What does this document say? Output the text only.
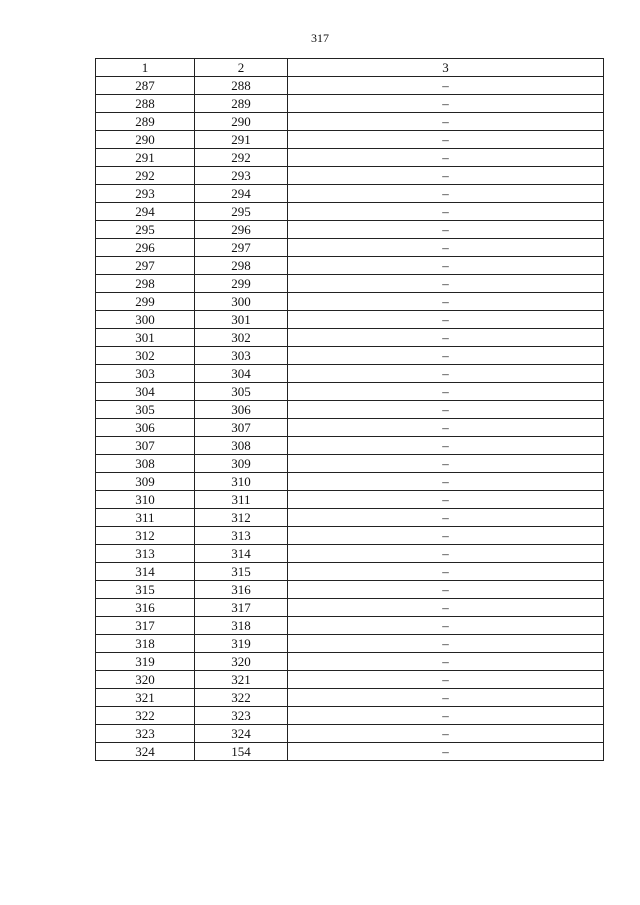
317
1	2	3
287	288	–
288	289	–
289	290	–
290	291	–
291	292	–
292	293	–
293	294	–
294	295	–
295	296	–
296	297	–
297	298	–
298	299	–
299	300	–
300	301	–
301	302	–
302	303	–
303	304	–
304	305	–
305	306	–
306	307	–
307	308	–
308	309	–
309	310	–
310	311	–
311	312	–
312	313	–
313	314	–
314	315	–
315	316	–
316	317	–
317	318	–
318	319	–
319	320	–
320	321	–
321	322	–
322	323	–
323	324	–
324	154	–
